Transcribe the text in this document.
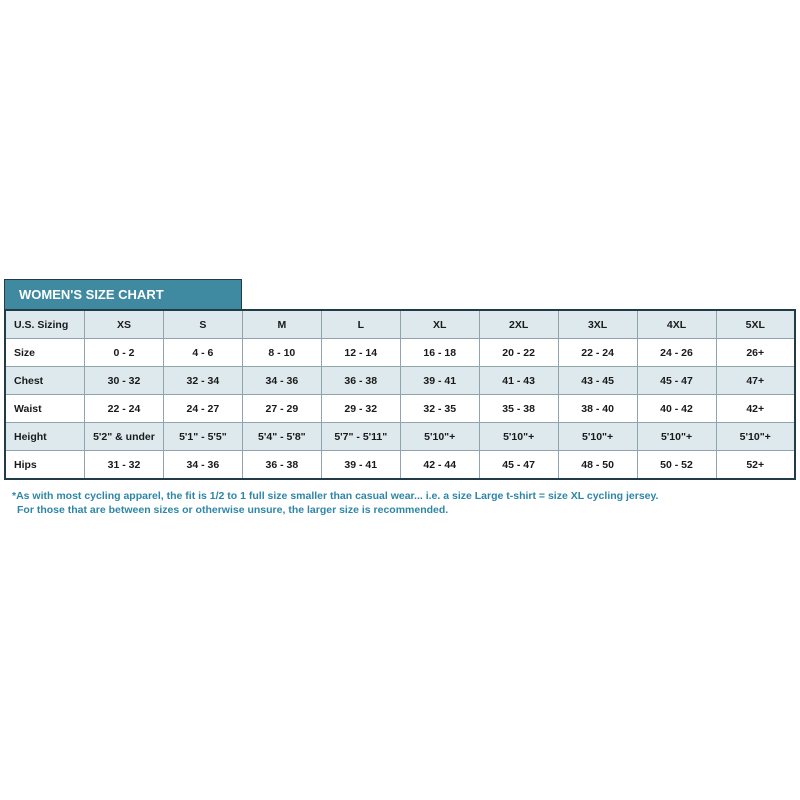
WOMEN'S SIZE CHART
U.S. Sizing	XS	S	M	L	XL	2XL	3XL	4XL	5XL
Size	0 - 2	4 - 6	8 - 10	12 - 14	16 - 18	20 - 22	22 - 24	24 - 26	26+
Chest	30 - 32	32 - 34	34 - 36	36 - 38	39 - 41	41 - 43	43 - 45	45 - 47	47+
Waist	22 - 24	24 - 27	27 - 29	29 - 32	32 - 35	35 - 38	38 - 40	40 - 42	42+
Height	5'2" & under	5'1" - 5'5"	5'4" - 5'8"	5'7" - 5'11"	5'10"+	5'10"+	5'10"+	5'10"+	5'10"+
Hips	31 - 32	34 - 36	36 - 38	39 - 41	42 - 44	45 - 47	48 - 50	50 - 52	52+
*As with most cycling apparel, the fit is 1/2 to 1 full size smaller than casual wear... i.e. a size Large t-shirt = size XL cycling jersey.
For those that are between sizes or otherwise unsure, the larger size is recommended.
